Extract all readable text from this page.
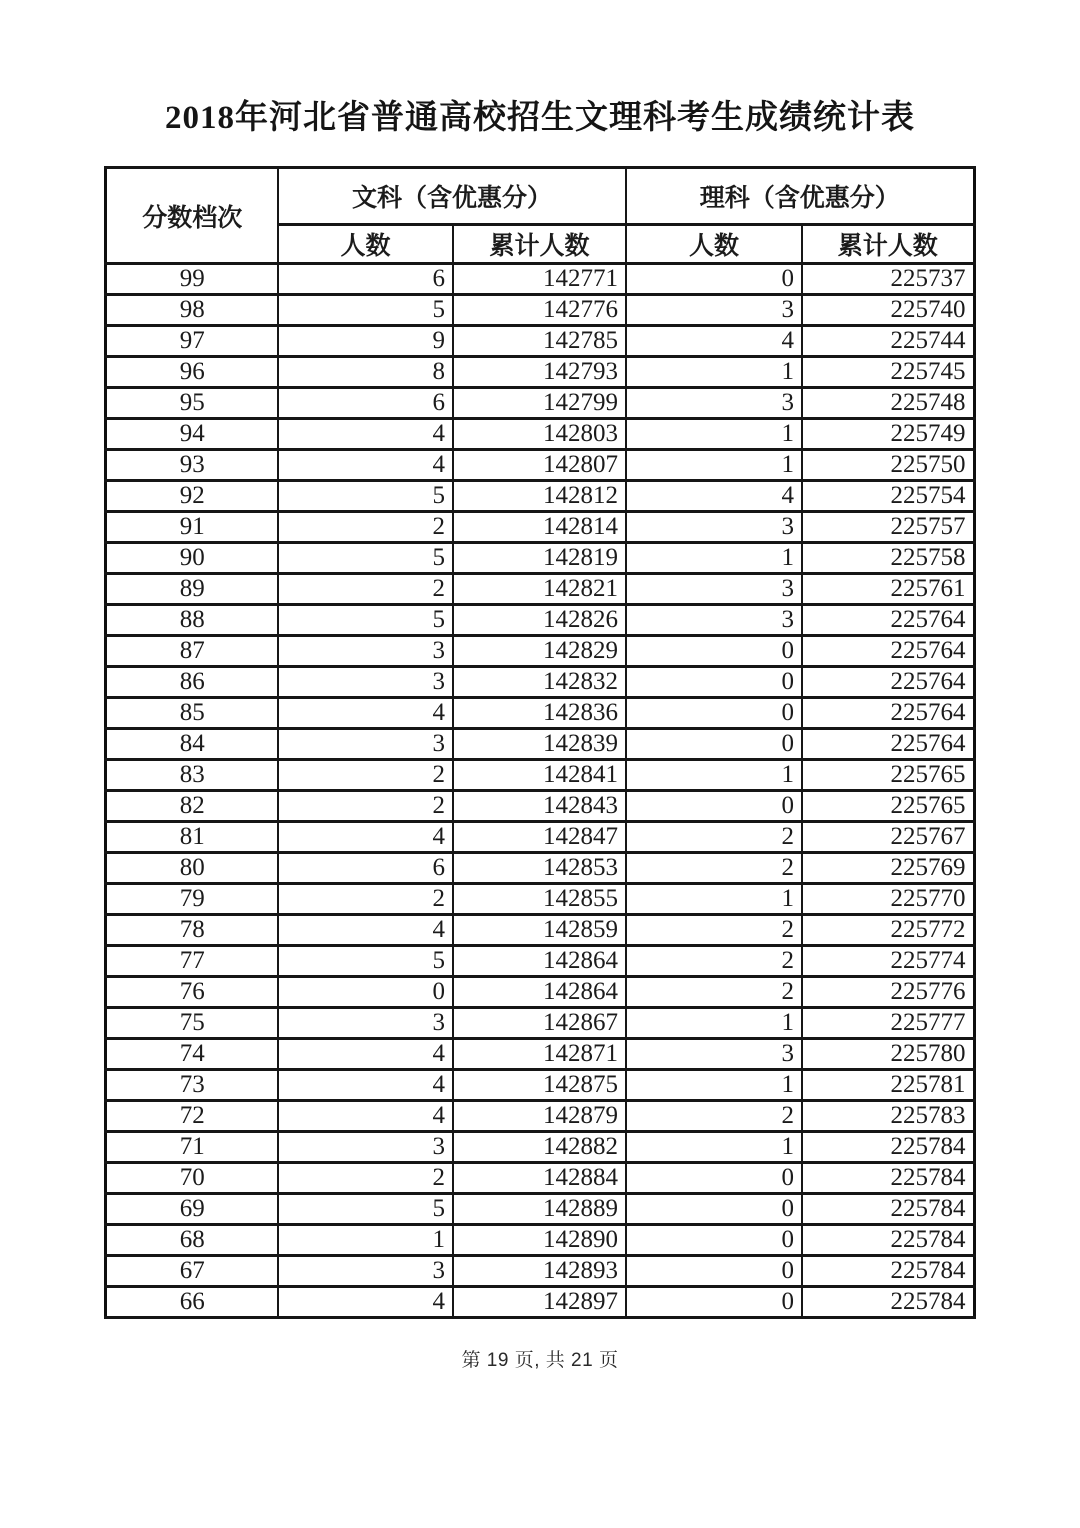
2018年河北省普通高校招生文理科考生成绩统计表
分数档次	文科（含优惠分）		理科（含优惠分）	
	人数	累计人数	人数	累计人数
99	6	142771	0	225737
98	5	142776	3	225740
97	9	142785	4	225744
96	8	142793	1	225745
95	6	142799	3	225748
94	4	142803	1	225749
93	4	142807	1	225750
92	5	142812	4	225754
91	2	142814	3	225757
90	5	142819	1	225758
89	2	142821	3	225761
88	5	142826	3	225764
87	3	142829	0	225764
86	3	142832	0	225764
85	4	142836	0	225764
84	3	142839	0	225764
83	2	142841	1	225765
82	2	142843	0	225765
81	4	142847	2	225767
80	6	142853	2	225769
79	2	142855	1	225770
78	4	142859	2	225772
77	5	142864	2	225774
76	0	142864	2	225776
75	3	142867	1	225777
74	4	142871	3	225780
73	4	142875	1	225781
72	4	142879	2	225783
71	3	142882	1	225784
70	2	142884	0	225784
69	5	142889	0	225784
68	1	142890	0	225784
67	3	142893	0	225784
66	4	142897	0	225784
第 19 页, 共 21 页
